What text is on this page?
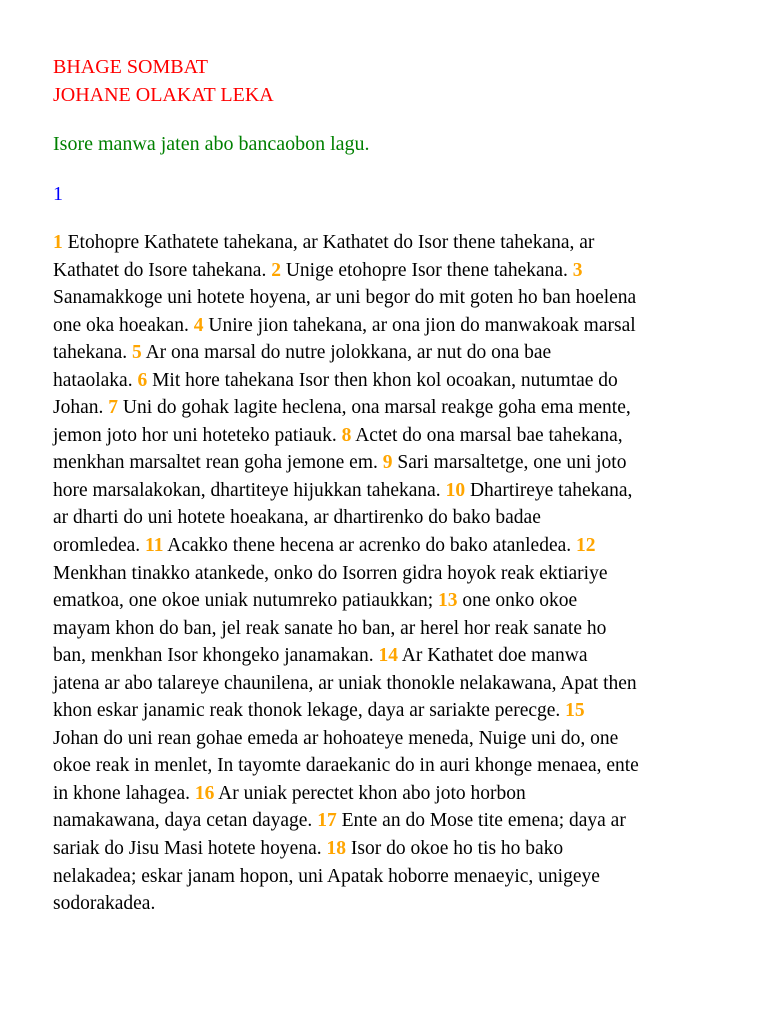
BHAGE SOMBAT
JOHANE OLAKAT LEKA
Isore manwa jaten abo bancaobon lagu.
1
1 Etohopre Kathatete tahekana, ar Kathatet do Isor thene tahekana, ar
Kathatet do Isore tahekana. 2 Unige etohopre Isor thene tahekana. 3
Sanamakkoge uni hotete hoyena, ar uni begor do mit goten ho ban hoelena
one oka hoeakan. 4 Unire jion tahekana, ar ona jion do manwakoak marsal
tahekana. 5 Ar ona marsal do nutre jolokkana, ar nut do ona bae
hataolaka. 6 Mit hore tahekana Isor then khon kol ocoakan, nutumtae do
Johan. 7 Uni do gohak lagite heclena, ona marsal reakge goha ema mente,
jemon joto hor uni hoteteko patiauk. 8 Actet do ona marsal bae tahekana,
menkhan marsaltet rean goha jemone em. 9 Sari marsaltetge, one uni joto
hore marsalakokan, dhartiteye hijukkan tahekana. 10 Dhartireye tahekana,
ar dharti do uni hotete hoeakana, ar dhartirenko do bako badae
oromledea. 11 Acakko thene hecena ar acrenko do bako atanledea. 12
Menkhan tinakko atankede, onko do Isorren gidra hoyok reak ektiariye
ematkoa, one okoe uniak nutumreko patiaukkan; 13 one onko okoe
mayam khon do ban, jel reak sanate ho ban, ar herel hor reak sanate ho
ban, menkhan Isor khongeko janamakan. 14 Ar Kathatet doe manwa
jatena ar abo talareye chaunilena, ar uniak thonokle nelakawana, Apat then
khon eskar janamic reak thonok lekage, daya ar sariakte perecge. 15
Johan do uni rean gohae emeda ar hohoateye meneda, Nuige uni do, one
okoe reak in menlet, In tayomte daraekanic do in auri khonge menaea, ente
in khone lahagea. 16 Ar uniak perectet khon abo joto horbon
namakawana, daya cetan dayage. 17 Ente an do Mose tite emena; daya ar
sariak do Jisu Masi hotete hoyena. 18 Isor do okoe ho tis ho bako
nelakadea; eskar janam hopon, uni Apatak hoborre menaeyic, unigeye
sodorakadea.
